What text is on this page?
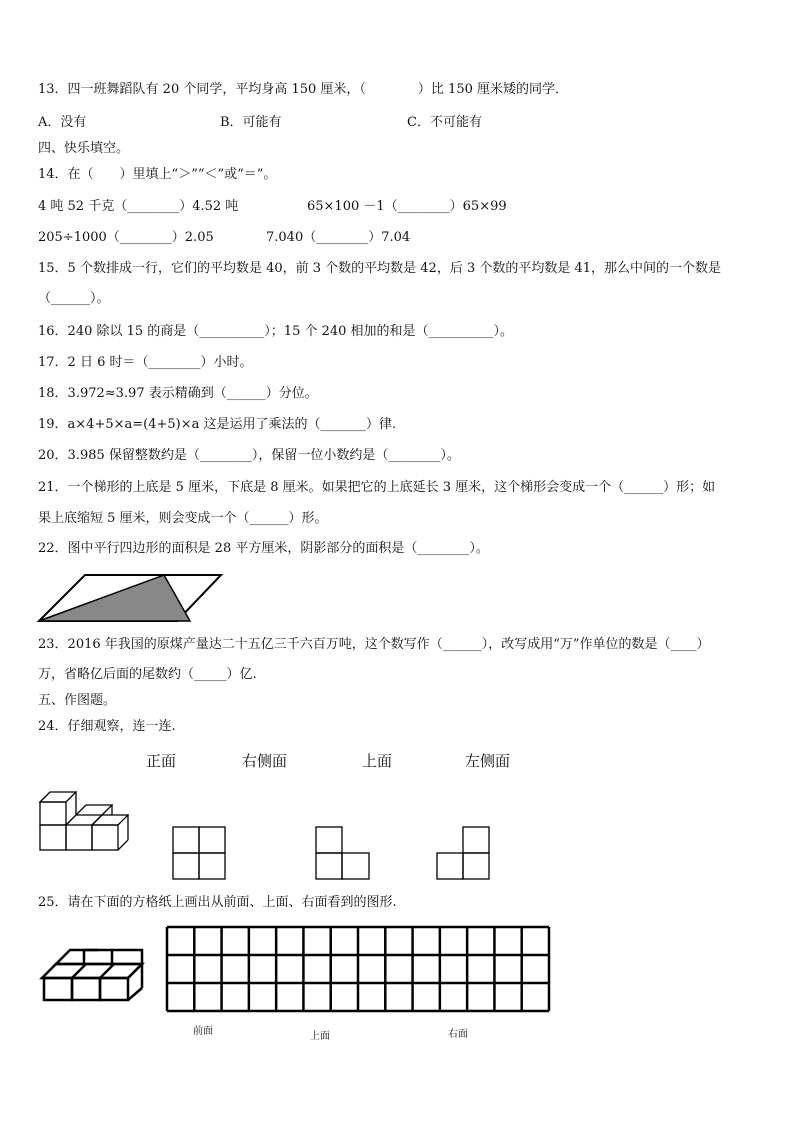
13．四一班舞蹈队有 20 个同学，平均身高 150 厘米，（　　　　）比 150 厘米矮的同学．
A．没有	B．可能有	C．不可能有
四、快乐填空。
14．在（　　）里填上“＞”“＜”或“＝”。
4 吨 52 千克（________）4.52 吨	65×100 －1（________）65×99
205÷1000（________）2.05	7.040（________）7.04
15．5 个数排成一行，它们的平均数是 40，前 3 个数的平均数是 42，后 3 个数的平均数是 41，那么中间的一个数是
（______）。
16．240 除以 15 的商是（__________）；15 个 240 相加的和是（__________）。
17．2 日 6 时＝（________）小时。
18．3.972≈3.97 表示精确到（______）分位。
19．a×4+5×a=(4+5)×a 这是运用了乘法的（_______）律.
20．3.985 保留整数约是（________），保留一位小数约是（________）。
21．一个梯形的上底是 5 厘米，下底是 8 厘米。如果把它的上底延长 3 厘米，这个梯形会变成一个（______）形；如
果上底缩短 5 厘米，则会变成一个（______）形。
22．图中平行四边形的面积是 28 平方厘米，阴影部分的面积是（________）。
23．2016 年我国的原煤产量达二十五亿三千六百万吨，这个数写作（______），改写成用“万”作单位的数是（____）
万，省略亿后面的尾数约（_____）亿.
五、作图题。
24．仔细观察，连一连.
正面	右侧面	上面	左侧面
25．请在下面的方格纸上画出从前面、上面、右面看到的图形.
前面	上面	右面
